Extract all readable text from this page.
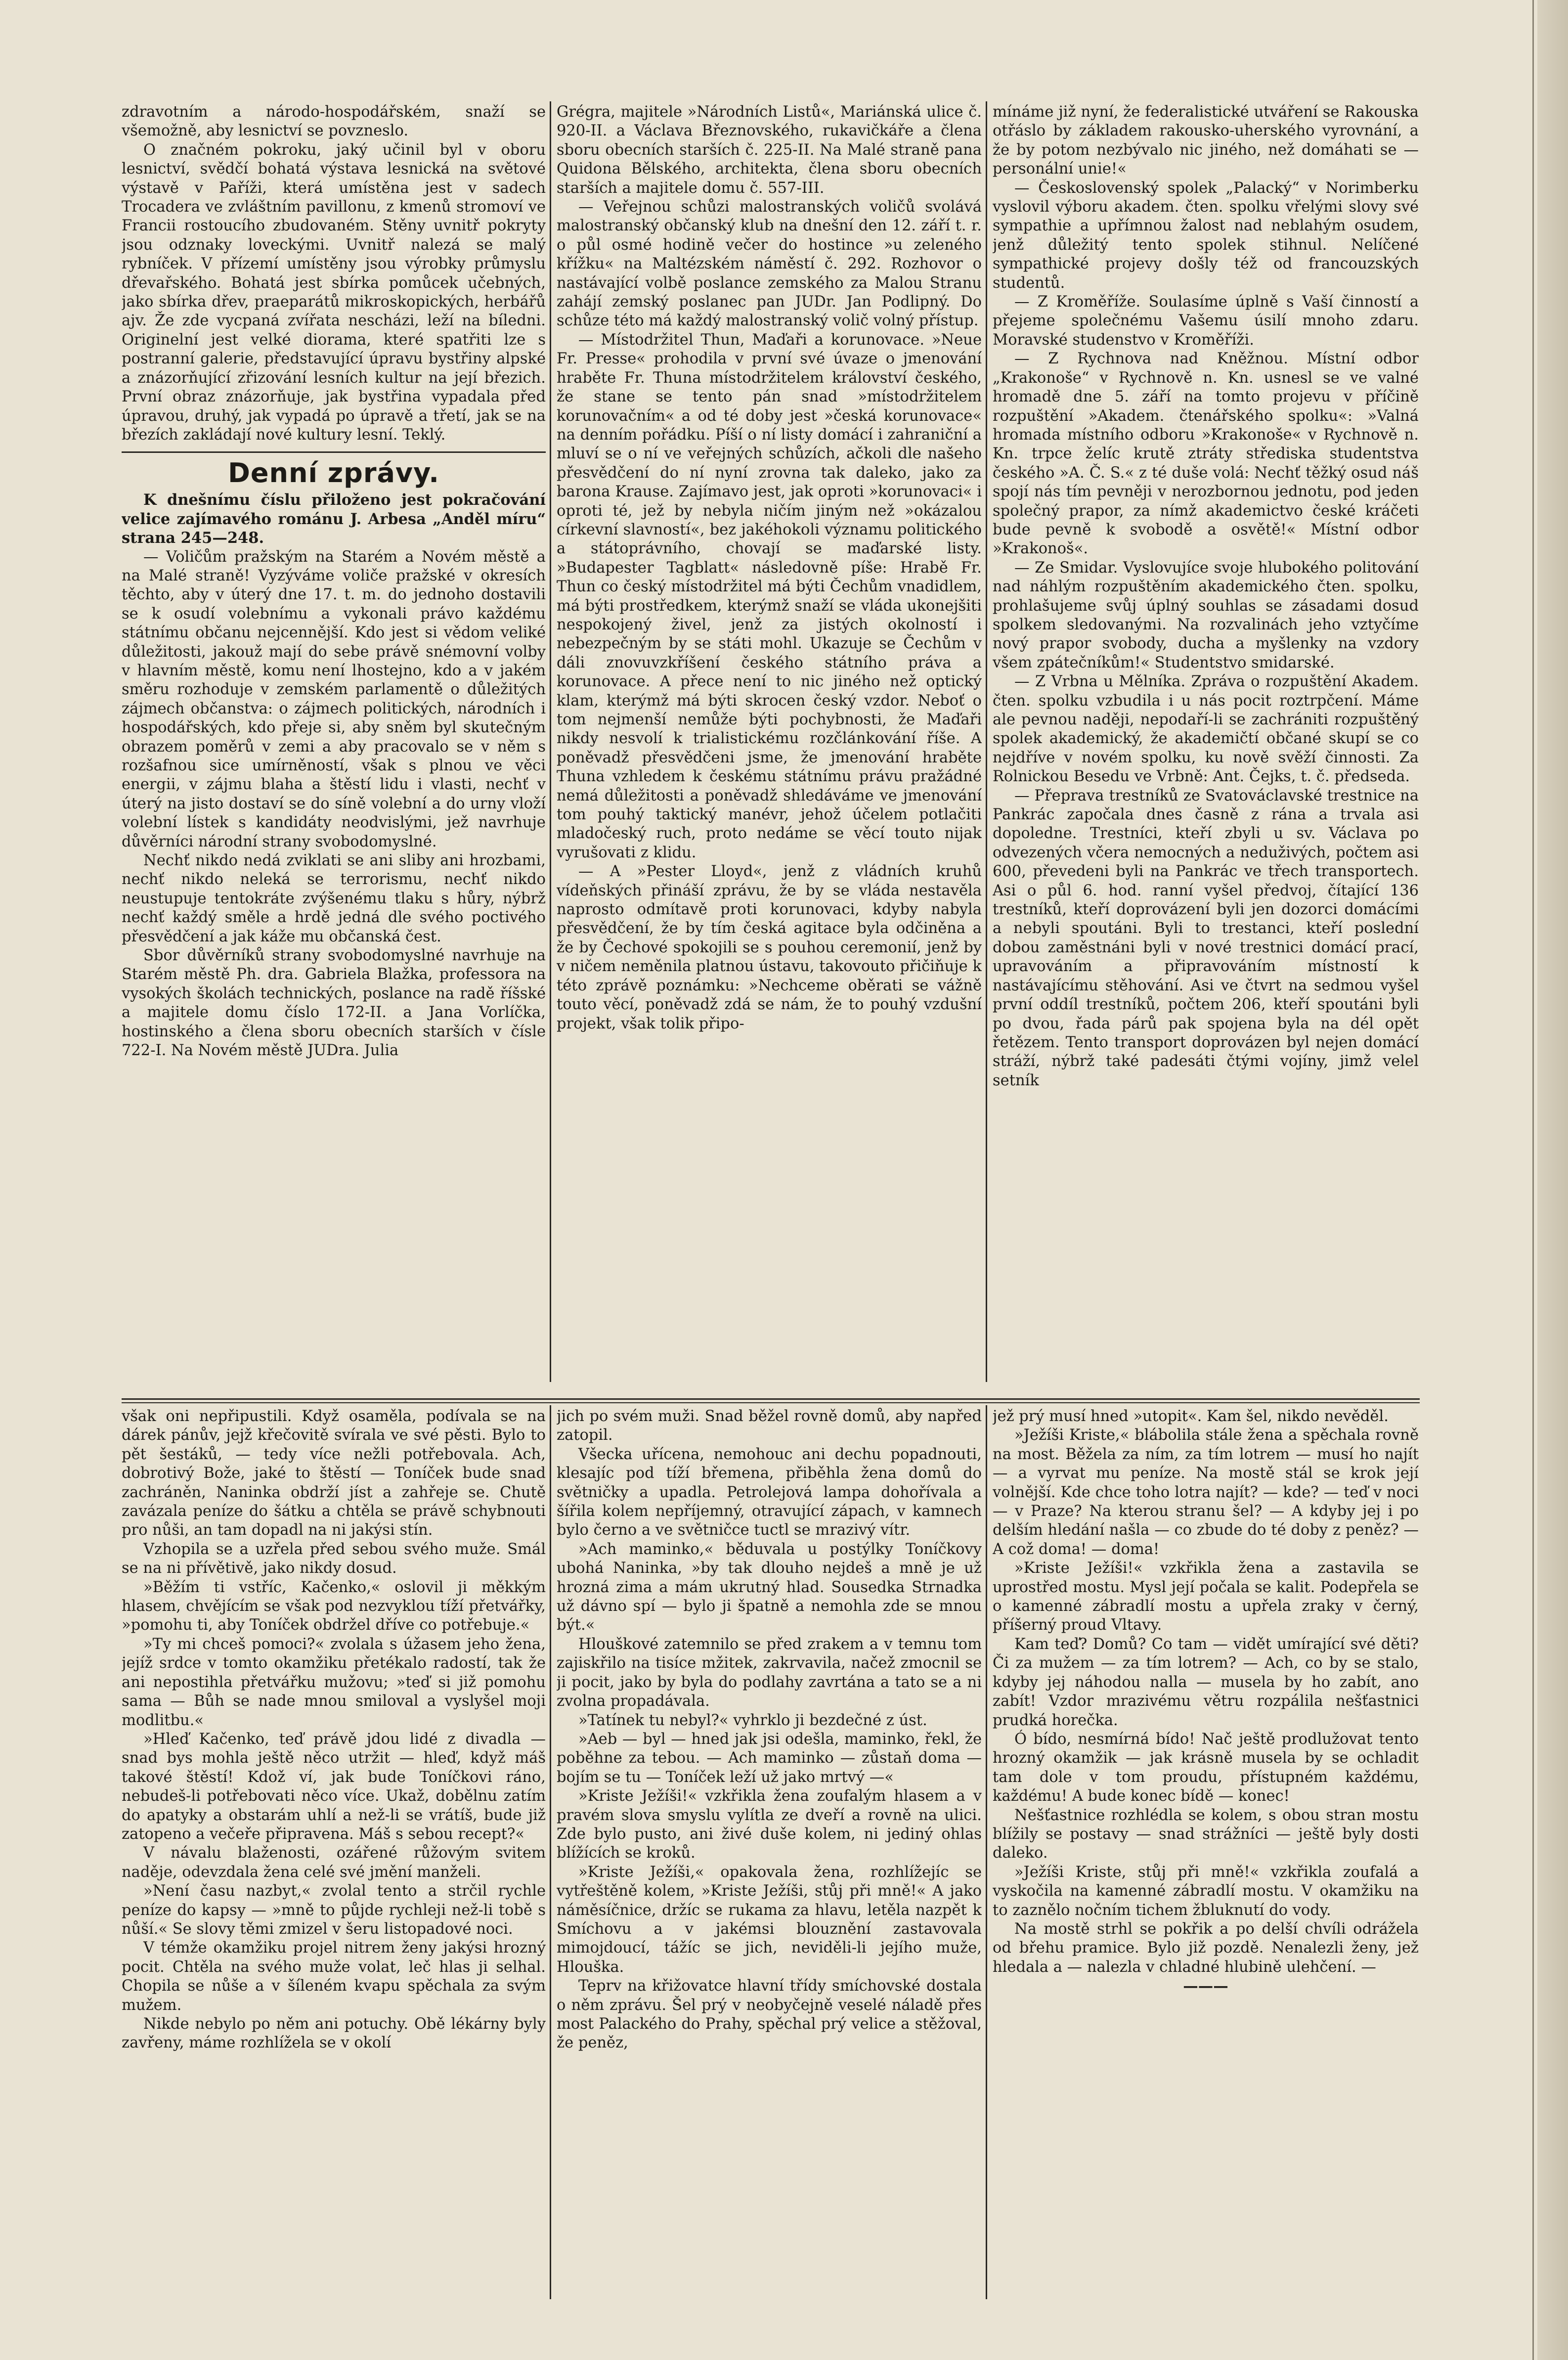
zdravotním a národo-hospodářském, snaží se všemožně, aby lesnictví se povzneslo.

O značném pokroku, jaký učinil byl v oboru lesnictví, svědčí bohatá výstava lesnická na světové výstavě v Paříži, která umístěna jest v sadech Trocadera ve zvláštním pavillonu, z kmenů stromoví ve Francii rostoucího zbudovaném. Stěny uvnitř pokryty jsou odznaky loveckými. Uvnitř nalezá se malý rybníček. V přízemí umístěny jsou výrobky průmyslu dřevařského. Bohatá jest sbírka pomůcek učebných, jako sbírka dřev, praeparátů mikroskopických, herbářů ajv. Že zde vycpaná zvířata nescházi, leží na bíledni. Originelní jest velké diorama, které spatřiti lze s postranní galerie, představující úpravu bystřiny alpské a znázorňující zřizování lesních kultur na její březich. První obraz znázorňuje, jak bystřina vypadala před úpravou, druhý, jak vypadá po úpravě a třetí, jak se na březích zakládají nové kultury lesní. Teklý.

Denní zprávy.

K dnešnímu číslu přiloženo jest pokračování velice zajímavého románu J. Arbesa „Anděl míru“ strana 245—248.

— Voličům pražským na Starém a Novém městě a na Malé straně! Vyzýváme voliče pražské v okresích těchto, aby v úterý dne 17. t. m. do jednoho dostavili se k osudí volebnímu a vykonali právo každému státnímu občanu nejcennější. Kdo jest si vědom veliké důležitosti, jakouž mají do sebe právě snémovní volby v hlavním městě, komu není lhostejno, kdo a v jakém směru rozhoduje v zemském parlamentě o důležitých zájmech občanstva: o zájmech politických, národních i hospodářských, kdo přeje si, aby sněm byl skutečným obrazem poměrů v zemi a aby pracovalo se v něm s rozšafnou sice umírněností, však s plnou ve věci energii, v zájmu blaha a štěstí lidu i vlasti, nechť v úterý na jisto dostaví se do síně volební a do urny vloží volební lístek s kandidáty neodvislými, jež navrhuje důvěrníci národní strany svobodomyslné.

Nechť nikdo nedá zviklati se ani sliby ani hrozbami, nechť nikdo neleká se terrorismu, nechť nikdo neustupuje tentokráte zvýšenému tlaku s hůry, nýbrž nechť každý směle a hrdě jedná dle svého poctivého přesvědčení a jak káže mu občanská čest.

Sbor důvěrníků strany svobodomyslné navrhuje na Starém městě Ph. dra. Gabriela Blažka, professora na vysokých školách technických, poslance na radě říšské a majitele domu číslo 172-II. a Jana Vorlíčka, hostinského a člena sboru obecních starších v čísle 722-I. Na Novém městě JUDra. Julia

Grégra, majitele »Národních Listů«, Mariánská ulice č. 920-II. a Václava Březnovského, rukavičkáře a člena sboru obecních starších č. 225-II. Na Malé straně pana Quidona Bělského, architekta, člena sboru obecních starších a majitele domu č. 557-III.

— Veřejnou schůzi malostranských voličů svolává malostranský občanský klub na dnešní den 12. září t. r. o půl osmé hodině večer do hostince »u zeleného křížku« na Maltézském náměstí č. 292. Rozhovor o nastávající volbě poslance zemského za Malou Stranu zahájí zemský poslanec pan JUDr. Jan Podlipný. Do schůze této má každý malostranský volič volný přístup.

— Místodržitel Thun, Maďaři a korunovace. »Neue Fr. Presse« prohodila v první své úvaze o jmenování hraběte Fr. Thuna místodržitelem království českého, že stane se tento pán snad »místodržitelem korunovačním« a od té doby jest »česká korunovace« na denním pořádku. Píší o ní listy domácí i zahraniční a mluví se o ní ve veřejných schůzích, ačkoli dle našeho přesvědčení do ní nyní zrovna tak daleko, jako za barona Krause. Zajímavo jest, jak oproti »korunovaci« i oproti té, jež by nebyla ničím jiným než »okázalou církevní slavností«, bez jakéhokoli významu politického a státoprávního, chovají se maďarské listy. »Budapester Tagblatt« následovně píše: Hrabě Fr. Thun co český místodržitel má býti Čechům vnadidlem, má býti prostředkem, kterýmž snaží se vláda ukonejšiti nespokojený živel, jenž za jistých okolností i nebezpečným by se státi mohl. Ukazuje se Čechům v dáli znovuvzkříšení českého státního práva a korunovace. A přece není to nic jiného než optický klam, kterýmž má býti skrocen český vzdor. Neboť o tom nejmenší nemůže býti pochybnosti, že Maďaři nikdy nesvolí k trialistickému rozčlánkování říše. A poněvadž přesvědčeni jsme, že jmenování hraběte Thuna vzhledem k českému státnímu právu pražádné nemá důležitosti a poněvadž shledáváme ve jmenování tom pouhý taktický manévr, jehož účelem potlačiti mladočeský ruch, proto nedáme se věcí touto nijak vyrušovati z klidu.

— A »Pester Lloyd«, jenž z vládních kruhů vídeňských přináší zprávu, že by se vláda nestavěla naprosto odmítavě proti korunovaci, kdyby nabyla přesvědčení, že by tím česká agitace byla odčiněna a že by Čechové spokojili se s pouhou ceremonií, jenž by v ničem neměnila platnou ústavu, takovouto přičiňuje k této zprávě poznámku: »Nechceme oběrati se vážně touto věcí, poněvadž zdá se nám, že to pouhý vzdušní projekt, však tolik připo-

mínáme již nyní, že federalistické utváření se Rakouska otřáslo by základem rakousko-uherského vyrovnání, a že by potom nezbývalo nic jiného, než domáhati se — personální unie!«

— Československý spolek „Palacký“ v Norimberku vyslovil výboru akadem. čten. spolku vřelými slovy své sympathie a upřímnou žalost nad neblahým osudem, jenž důležitý tento spolek stihnul. Nelíčené sympathické projevy došly též od francouzských studentů.

— Z Kroměříže. Soulasíme úplně s Vaší činností a přejeme společnému Vašemu úsilí mnoho zdaru. Moravské studenstvo v Kroměříži.

— Z Rychnova nad Kněžnou. Místní odbor „Krakonoše“ v Rychnově n. Kn. usnesl se ve valné hromadě dne 5. září na tomto projevu v příčině rozpuštění »Akadem. čtenářského spolku«: »Valná hromada místního odboru »Krakonoše« v Rychnově n. Kn. trpce želíc krutě ztráty střediska studentstva českého »A. Č. S.« z té duše volá: Nechť těžký osud náš spojí nás tím pevněji v nerozbornou jednotu, pod jeden společný prapor, za nímž akademictvo české kráčeti bude pevně k svobodě a osvětě!« Místní odbor »Krakonoš«.

— Ze Smidar. Vyslovujíce svoje hlubokého politování nad náhlým rozpuštěním akademického čten. spolku, prohlašujeme svůj úplný souhlas se zásadami dosud spolkem sledovanými. Na rozvalinách jeho vztyčíme nový prapor svobody, ducha a myšlenky na vzdory všem zpátečníkům!« Studentstvo smidarské.

— Z Vrbna u Mělníka. Zpráva o rozpuštění Akadem. čten. spolku vzbudila i u nás pocit roztrpčení. Máme ale pevnou naději, nepodaří-li se zachrániti rozpuštěný spolek akademický, že akademičtí občané skupí se co nejdříve v novém spolku, ku nově svěží činnosti. Za Rolnickou Besedu ve Vrbně: Ant. Čejks, t. č. předseda.

— Přeprava trestníků ze Svatováclavské trestnice na Pankrác započala dnes časně z rána a trvala asi dopoledne. Trestníci, kteří zbyli u sv. Václava po odvezených včera nemocných a neduživých, počtem asi 600, převedeni byli na Pankrác ve třech transportech. Asi o půl 6. hod. ranní vyšel předvoj, čítající 136 trestníků, kteří doprovázení byli jen dozorci domácími a nebyli spoutáni. Byli to trestanci, kteří poslední dobou zaměstnáni byli v nové trestnici domácí prací, upravováním a připravováním místností k nastávajícímu stěhování. Asi ve čtvrt na sedmou vyšel první oddíl trestníků, počtem 206, kteří spoutáni byli po dvou, řada párů pak spojena byla na dél opět řetězem. Tento transport doprovázen byl nejen domácí stráží, nýbrž také padesáti čtými vojíny, jimž velel setník

však oni nepřipustili. Když osaměla, podívala se na dárek pánův, jejž křečovitě svírala ve své pěsti. Bylo to pět šestáků, — tedy více nežli potřebovala. Ach, dobrotivý Bože, jaké to štěstí — Toníček bude snad zachráněn, Naninka obdrží jíst a zahřeje se. Chutě zavázala peníze do šátku a chtěla se právě schybnouti pro nůši, an tam dopadl na ni jakýsi stín.

Vzhopila se a uzřela před sebou svého muže. Smál se na ni přívětivě, jako nikdy dosud.

»Běžím ti vstříc, Kačenko,« oslovil ji měkkým hlasem, chvějícím se však pod nezvyklou tíží přetvářky, »pomohu ti, aby Toníček obdržel dříve co potřebuje.«

»Ty mi chceš pomoci?« zvolala s úžasem jeho žena, jejíž srdce v tomto okamžiku přetékalo radostí, tak že ani nepostihla přetvářku mužovu; »teď si již pomohu sama — Bůh se nade mnou smiloval a vyslyšel moji modlitbu.«

»Hleď Kačenko, teď právě jdou lidé z divadla — snad bys mohla ještě něco utržit — hleď, když máš takové štěstí! Kdož ví, jak bude Toníčkovi ráno, nebudeš-li potřebovati něco více. Ukaž, dobělnu zatím do apatyky a obstarám uhlí a než-li se vrátíš, bude již zatopeno a večeře připravena. Máš s sebou recept?«

V návalu blaženosti, ozářené růžovým svitem naděje, odevzdala žena celé své jmění manželi.

»Není času nazbyt,« zvolal tento a strčil rychle peníze do kapsy — »mně to půjde rychleji než-li tobě s nůší.« Se slovy těmi zmizel v šeru listopadové noci.

V témže okamžiku projel nitrem ženy jakýsi hrozný pocit. Chtěla na svého muže volat, leč hlas ji selhal. Chopila se nůše a v šíleném kvapu spěchala za svým mužem.

Nikde nebylo po něm ani potuchy. Obě lékárny byly zavřeny, máme rozhlížela se v okolí

jich po svém muži. Snad běžel rovně domů, aby napřed zatopil.

Všecka uřícena, nemohouc ani dechu popadnouti, klesajíc pod tíží břemena, přiběhla žena domů do světničky a upadla. Petrolejová lampa dohořívala a šířila kolem nepříjemný, otravující zápach, v kamnech bylo černo a ve světničce tuctl se mrazivý vítr.

»Ach maminko,« běduvala u postýlky Toníčkovy ubohá Naninka, »by tak dlouho nejdeš a mně je už hrozná zima a mám ukrutný hlad. Sousedka Strnadka už dávno spí — bylo ji špatně a nemohla zde se mnou být.«

Hlouškové zatemnilo se před zrakem a v temnu tom zajiskřilo na tisíce mžitek, zakrvavila, načež zmocnil se ji pocit, jako by byla do podlahy zavrtána a tato se a ni zvolna propadávala.

»Tatínek tu nebyl?« vyhrklo ji bezdečné z úst.

»Aeb — byl — hned jak jsi odešla, maminko, řekl, že poběhne za tebou. — Ach maminko — zůstaň doma — bojím se tu — Toníček leží už jako mrtvý —«

»Kriste Ježíši!« vzkřikla žena zoufalým hlasem a v pravém slova smyslu vylítla ze dveří a rovně na ulici. Zde bylo pusto, ani živé duše kolem, ni jediný ohlas blížících se kroků.

»Kriste Ježíši,« opakovala žena, rozhlížejíc se vytřeštěně kolem, »Kriste Ježíši, stůj při mně!« A jako náměsíčnice, držíc se rukama za hlavu, letěla nazpět k Smíchovu a v jakémsi blouznění zastavovala mimojdoucí, tážíc se jich, neviděli-li jejího muže, Hlouška.

Teprv na křižovatce hlavní třídy smíchovské dostala o něm zprávu. Šel prý v neobyčejně veselé náladě přes most Palackého do Prahy, spěchal prý velice a stěžoval, že peněz,

jež prý musí hned »utopit«. Kam šel, nikdo nevěděl.

»Ježíši Kriste,« blábolila stále žena a spěchala rovně na most. Běžela za ním, za tím lotrem — musí ho najít — a vyrvat mu peníze. Na mostě stál se krok její volnější. Kde chce toho lotra najít? — kde? — teď v noci — v Praze? Na kterou stranu šel? — A kdyby jej i po delším hledání našla — co zbude do té doby z peněz? — A což doma! — doma!

»Kriste Ježíši!« vzkřikla žena a zastavila se uprostřed mostu. Mysl její počala se kalit. Podepřela se o kamenné zábradlí mostu a upřela zraky v černý, příšerný proud Vltavy.

Kam teď? Domů? Co tam — vidět umírající své děti? Či za mužem — za tím lotrem? — Ach, co by se stalo, kdyby jej náhodou nalla — musela by ho zabít, ano zabít! Vzdor mrazivému větru rozpálila nešťastnici prudká horečka.

Ó bído, nesmírná bído! Nač ještě prodlužovat tento hrozný okamžik — jak krásně musela by se ochladit tam dole v tom proudu, přístupném každému, každému! A bude konec bídě — konec!

Nešťastnice rozhlédla se kolem, s obou stran mostu blížily se postavy — snad strážníci — ještě byly dosti daleko.

»Ježíši Kriste, stůj při mně!« vzkřikla zoufalá a vyskočila na kamenné zábradlí mostu. V okamžiku na to zaznělo nočním tichem žbluknutí do vody.

Na mostě strhl se pokřik a po delší chvíli odrážela od břehu pramice. Bylo již pozdě. Nenalezli ženy, jež hledala a — nalezla v chladné hlubině ulehčení. —

———
